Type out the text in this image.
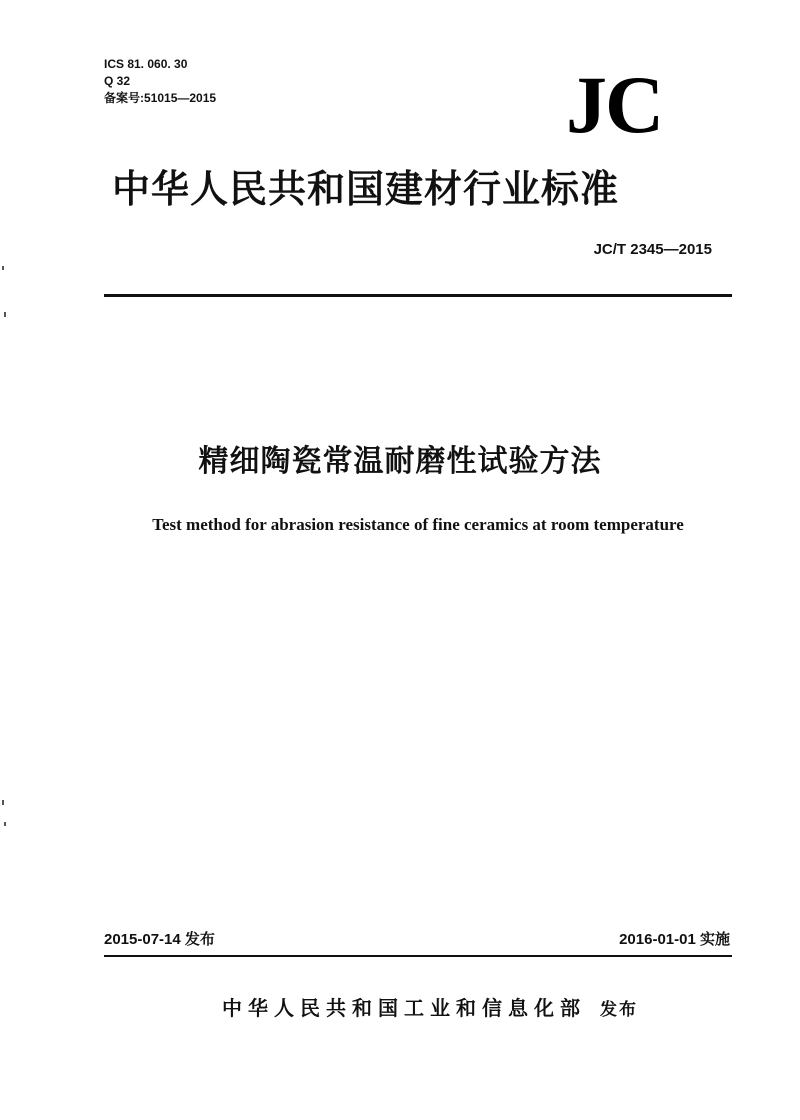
ICS 81. 060. 30
Q 32
备案号:51015—2015	JC
中华人民共和国建材行业标准
JC/T 2345—2015
精细陶瓷常温耐磨性试验方法
Test method for abrasion resistance of fine ceramics at room temperature
2015-07-14 发布	2016-01-01 实施
中华人民共和国工业和信息化部 发布
